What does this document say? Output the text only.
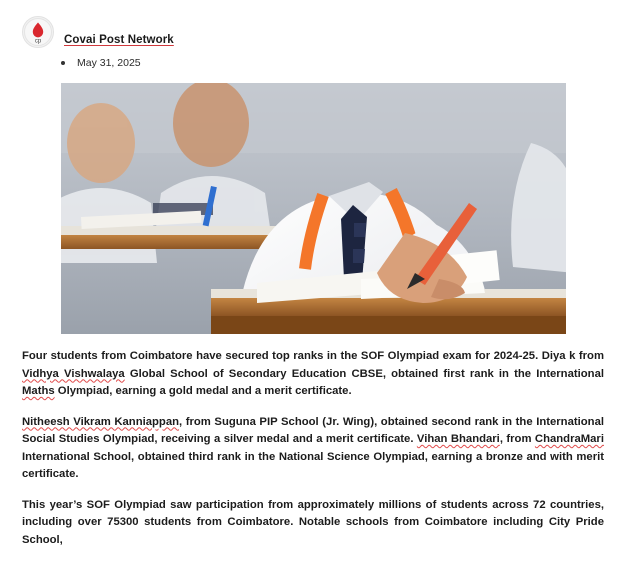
cp Covai Post Network
May 31, 2025

Four students from Coimbatore have secured top ranks in the SOF Olympiad exam for 2024-25. Diya k from Vidhya Vishwalaya Global School of Secondary Education CBSE, obtained first rank in the International Maths Olympiad, earning a gold medal and a merit certificate.

Nitheesh Vikram Kanniappan, from Suguna PIP School (Jr. Wing), obtained second rank in the International Social Studies Olympiad, receiving a silver medal and a merit certificate. Vihan Bhandari, from ChandraMari International School, obtained third rank in the National Science Olympiad, earning a bronze and with merit certificate.

This year’s SOF Olympiad saw participation from approximately millions of students across 72 countries, including over 75300 students from Coimbatore. Notable schools from Coimbatore including City Pride School,
